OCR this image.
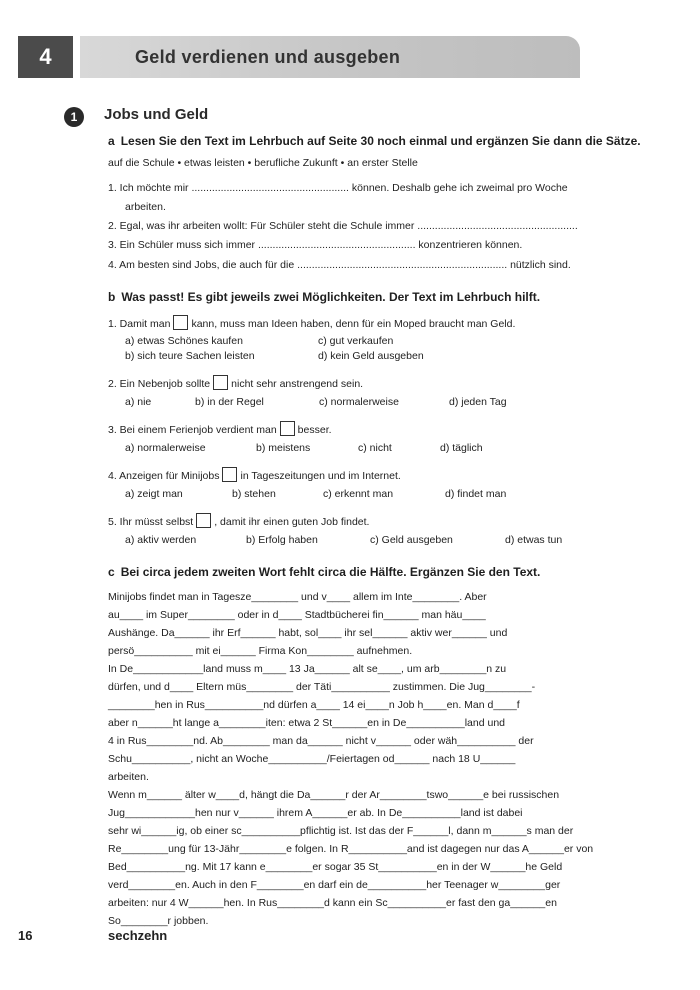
4	Geld verdienen und ausgeben
1	Jobs und Geld
a Lesen Sie den Text im Lehrbuch auf Seite 30 noch einmal und ergänzen Sie dann die Sätze.
auf die Schule • etwas leisten • berufliche Zukunft • an erster Stelle
1. Ich möchte mir ...................................................... können. Deshalb gehe ich zweimal pro Woche
arbeiten.
2. Egal, was ihr arbeiten wollt: Für Schüler steht die Schule immer .......................................................
3. Ein Schüler muss sich immer ...................................................... konzentrieren können.
4. Am besten sind Jobs, die auch für die ........................................................................ nützlich sind.
b Was passt! Es gibt jeweils zwei Möglichkeiten. Der Text im Lehrbuch hilft.
1. Damit man kann, muss man Ideen haben, denn für ein Moped braucht man Geld.
a) etwas Schönes kaufen	c) gut verkaufen
b) sich teure Sachen leisten	d) kein Geld ausgeben
2. Ein Nebenjob sollte nicht sehr anstrengend sein.
a) nie	b) in der Regel	c) normalerweise	d) jeden Tag
3. Bei einem Ferienjob verdient man besser.
a) normalerweise	b) meistens	c) nicht	d) täglich
4. Anzeigen für Minijobs in Tageszeitungen und im Internet.
a) zeigt man	b) stehen	c) erkennt man	d) findet man
5. Ihr müsst selbst , damit ihr einen guten Job findet.
a) aktiv werden	b) Erfolg haben	c) Geld ausgeben	d) etwas tun
c Bei circa jedem zweiten Wort fehlt circa die Hälfte. Ergänzen Sie den Text.
Minijobs findet man in Tagesze________ und v____ allem im Inte________. Aber
au____ im Super________ oder in d____ Stadtbücherei fin______ man häu____
Aushänge. Da______ ihr Erf______ habt, sol____ ihr sel______ aktiv wer______ und
persö__________ mit ei______ Firma Kon________ aufnehmen.
In De____________land muss m____ 13 Ja______ alt se____, um arb________n zu
dürfen, und d____ Eltern müs________ der Täti__________ zustimmen. Die Jug________-
________hen in Rus__________nd dürfen a____ 14 ei____n Job h____en. Man d____f
aber n______ht lange a________iten: etwa 2 St______en in De__________land und
4 in Rus________nd. Ab________ man da______ nicht v______ oder wäh__________ der
Schu__________, nicht an Woche__________/Feiertagen od______ nach 18 U______
arbeiten.
Wenn m______ älter w____d, hängt die Da______r der Ar________tswo______e bei russischen
Jug____________hen nur v______ ihrem A______er ab. In De__________land ist dabei
sehr wi______ig, ob einer sc__________pflichtig ist. Ist das der F______l, dann m______s man der
Re________ung für 13-Jähr________e folgen. In R__________and ist dagegen nur das A______er von
Bed__________ng. Mit 17 kann e________er sogar 35 St__________en in der W______he Geld
verd________en. Auch in den F________en darf ein de__________her Teenager w________ger
arbeiten: nur 4 W______hen. In Rus________d kann ein Sc__________er fast den ga______en
So________r jobben.
16	sechzehn
